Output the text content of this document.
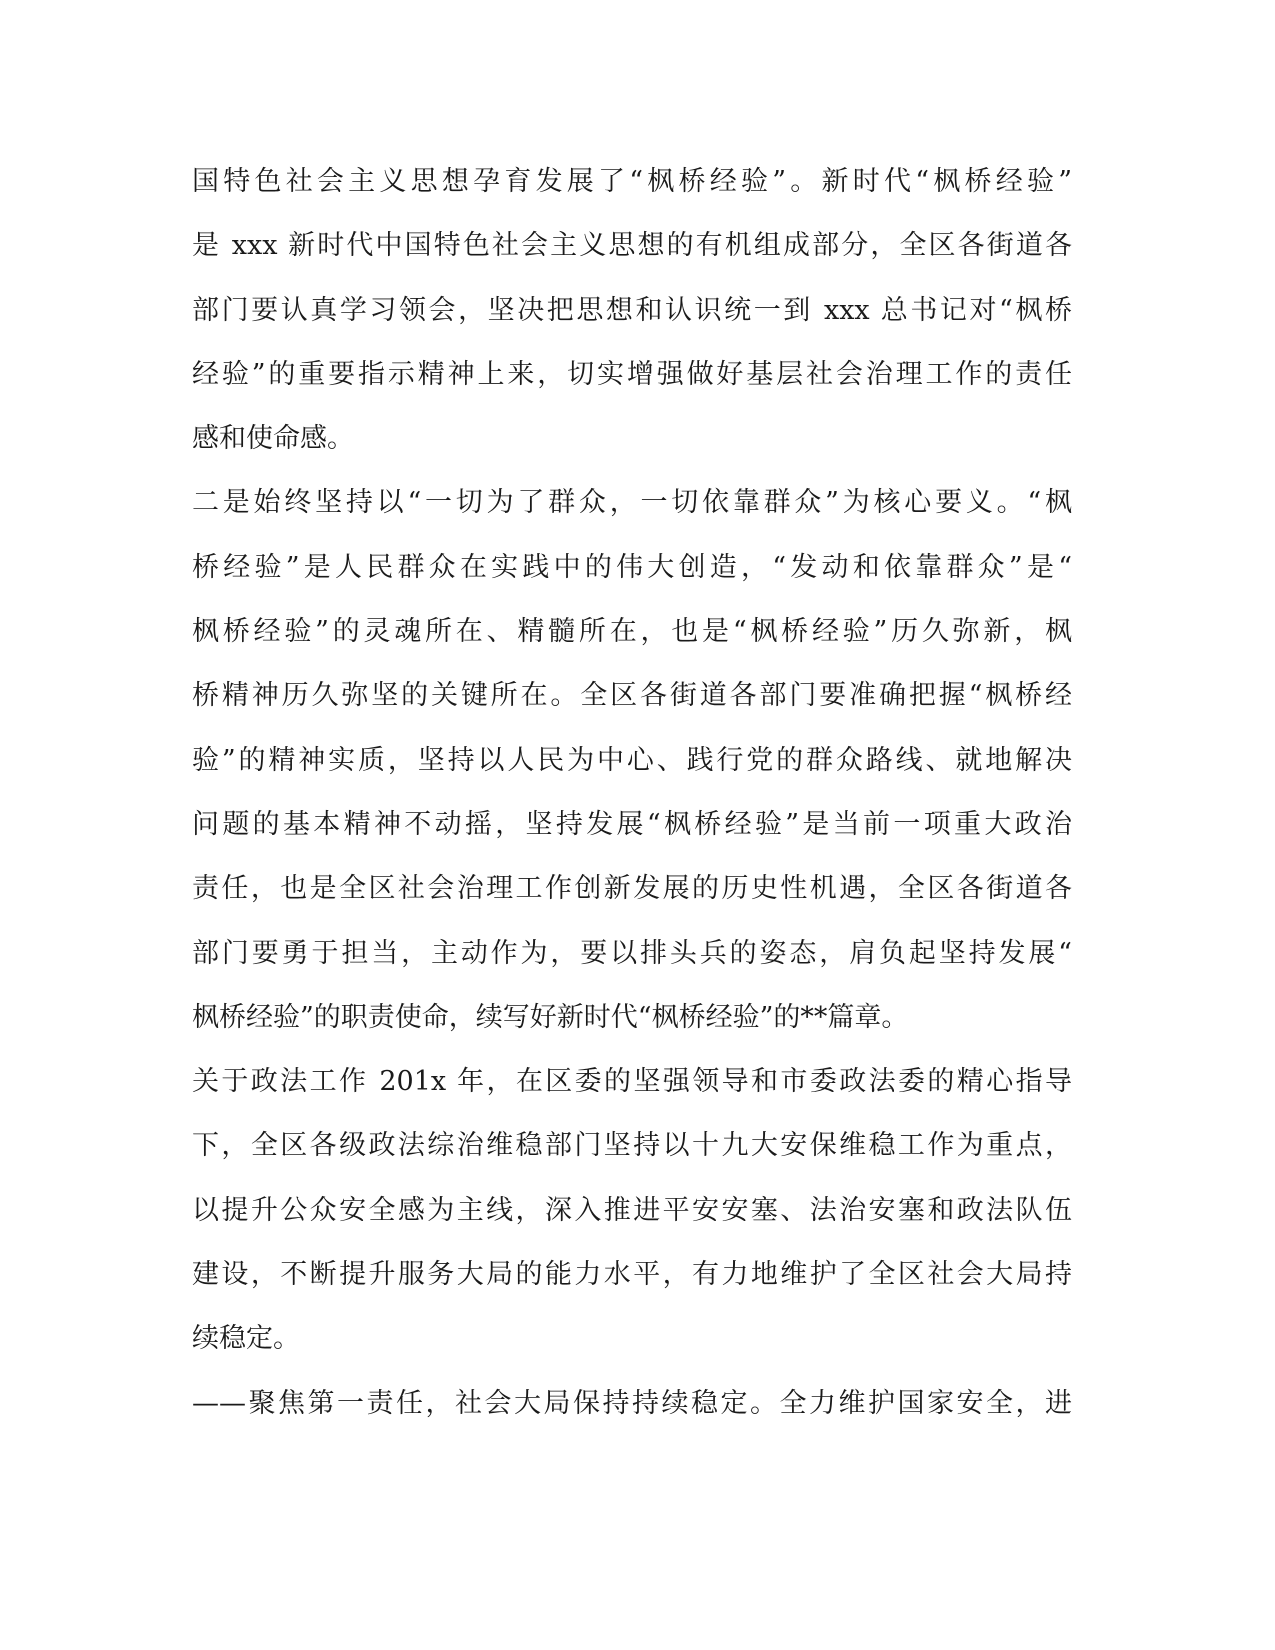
国特色社会主义思想孕育发展了“枫桥经验”。新时代“枫桥经验”
是 xxx 新时代中国特色社会主义思想的有机组成部分，全区各街道各
部门要认真学习领会，坚决把思想和认识统一到 xxx 总书记对“枫桥
经验”的重要指示精神上来，切实增强做好基层社会治理工作的责任
感和使命感。

二是始终坚持以“一切为了群众，一切依靠群众”为核心要义。“枫
桥经验”是人民群众在实践中的伟大创造，“发动和依靠群众”是“
枫桥经验”的灵魂所在、精髓所在，也是“枫桥经验”历久弥新，枫
桥精神历久弥坚的关键所在。全区各街道各部门要准确把握“枫桥经
验”的精神实质，坚持以人民为中心、践行党的群众路线、就地解决
问题的基本精神不动摇，坚持发展“枫桥经验”是当前一项重大政治
责任，也是全区社会治理工作创新发展的历史性机遇，全区各街道各
部门要勇于担当，主动作为，要以排头兵的姿态，肩负起坚持发展“
枫桥经验”的职责使命，续写好新时代“枫桥经验”的**篇章。

关于政法工作 201x 年，在区委的坚强领导和市委政法委的精心指导
下，全区各级政法综治维稳部门坚持以十九大安保维稳工作为重点，
以提升公众安全感为主线，深入推进平安安塞、法治安塞和政法队伍
建设，不断提升服务大局的能力水平，有力地维护了全区社会大局持
续稳定。

——聚焦第一责任，社会大局保持持续稳定。全力维护国家安全，进
